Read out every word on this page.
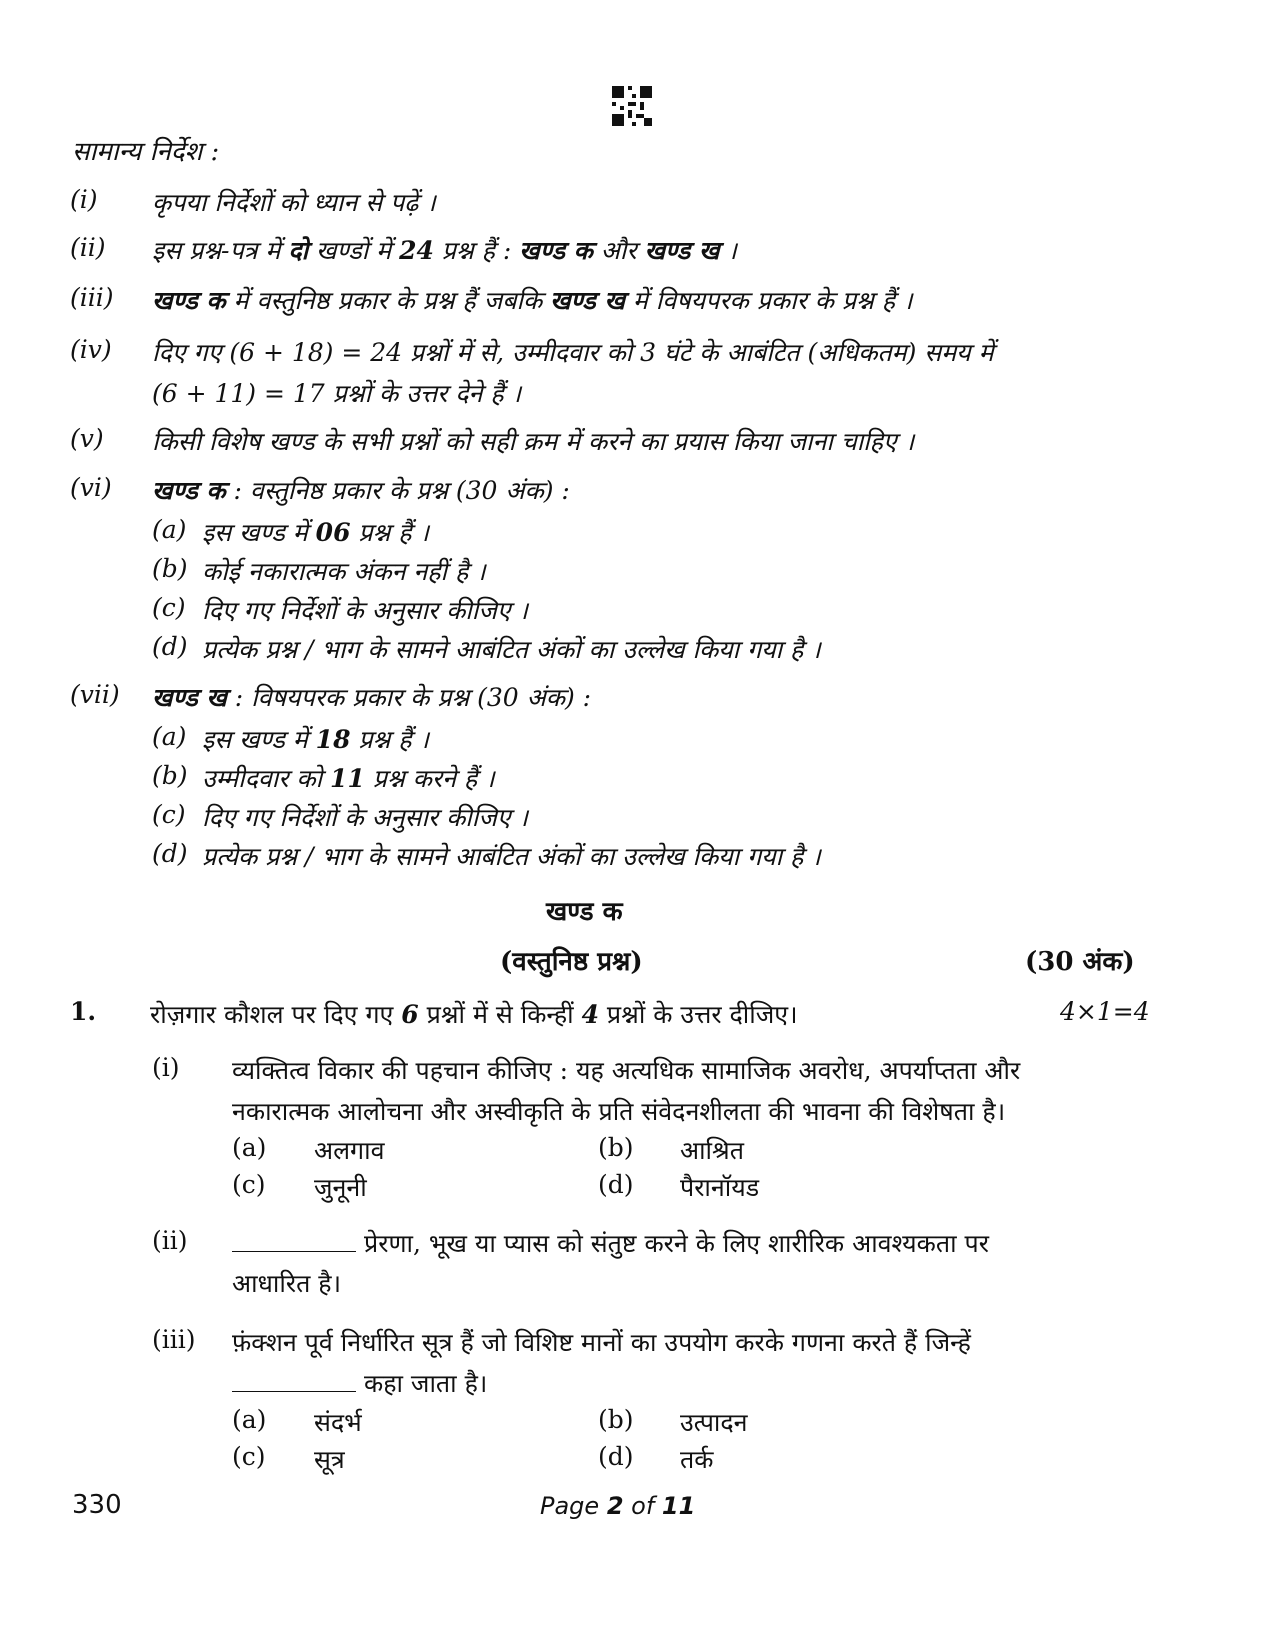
सामान्य निर्देश :
(i) कृपया निर्देशों को ध्यान से पढ़ें ।
(ii) इस प्रश्न-पत्र में दो खण्डों में 24 प्रश्न हैं : खण्ड क और खण्ड ख ।
(iii) खण्ड क में वस्तुनिष्ठ प्रकार के प्रश्न हैं जबकि खण्ड ख में विषयपरक प्रकार के प्रश्न हैं ।
(iv) दिए गए (6 + 18) = 24 प्रश्नों में से, उम्मीदवार को 3 घंटे के आबंटित (अधिकतम) समय में
(6 + 11) = 17 प्रश्नों के उत्तर देने हैं ।
(v) किसी विशेष खण्ड के सभी प्रश्नों को सही क्रम में करने का प्रयास किया जाना चाहिए ।
(vi) खण्ड क : वस्तुनिष्ठ प्रकार के प्रश्न (30 अंक) :
(a) इस खण्ड में 06 प्रश्न हैं ।
(b) कोई नकारात्मक अंकन नहीं है ।
(c) दिए गए निर्देशों के अनुसार कीजिए ।
(d) प्रत्येक प्रश्न / भाग के सामने आबंटित अंकों का उल्लेख किया गया है ।
(vii) खण्ड ख : विषयपरक प्रकार के प्रश्न (30 अंक) :
(a) इस खण्ड में 18 प्रश्न हैं ।
(b) उम्मीदवार को 11 प्रश्न करने हैं ।
(c) दिए गए निर्देशों के अनुसार कीजिए ।
(d) प्रत्येक प्रश्न / भाग के सामने आबंटित अंकों का उल्लेख किया गया है ।
खण्ड क
(वस्तुनिष्ठ प्रश्न)	(30 अंक)
1. रोज़गार कौशल पर दिए गए 6 प्रश्नों में से किन्हीं 4 प्रश्नों के उत्तर दीजिए।	4×1=4
(i) व्यक्तित्व विकार की पहचान कीजिए : यह अत्यधिक सामाजिक अवरोध, अपर्याप्तता और
नकारात्मक आलोचना और अस्वीकृति के प्रति संवेदनशीलता की भावना की विशेषता है।
(a) अलगाव	(b) आश्रित
(c) जुनूनी	(d) पैरानॉयड
(ii)	प्रेरणा, भूख या प्यास को संतुष्ट करने के लिए शारीरिक आवश्यकता पर
आधारित है।
(iii) फ़ंक्शन पूर्व निर्धारित सूत्र हैं जो विशिष्ट मानों का उपयोग करके गणना करते हैं जिन्हें
कहा जाता है।
(a) संदर्भ	(b) उत्पादन
(c) सूत्र	(d) तर्क
330	Page 2 of 11
